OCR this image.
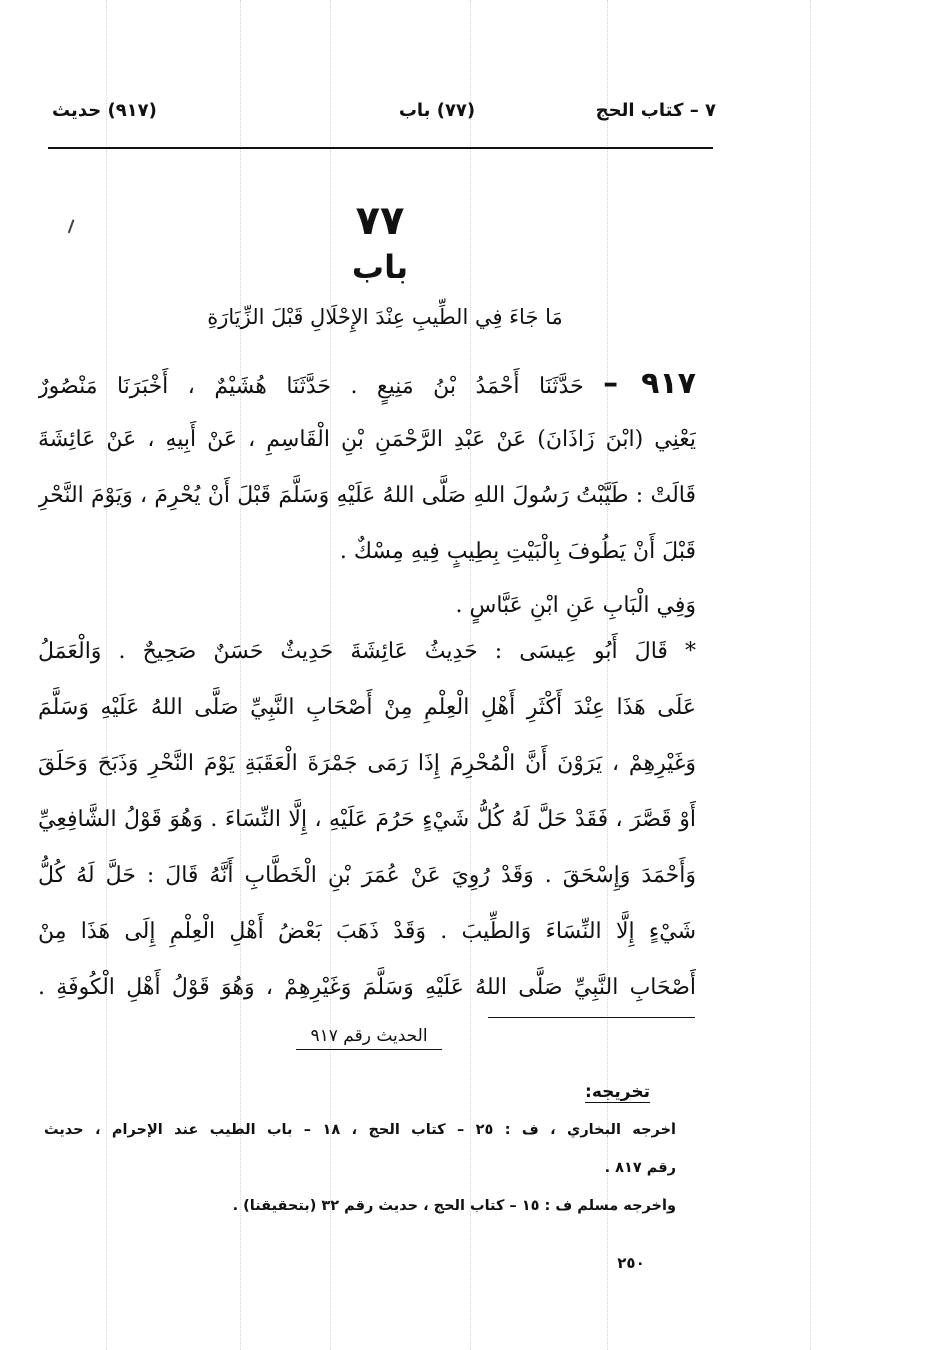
(٩١٧) حديث	(٧٧) باب	٧ – كتاب الحج
٧٧
باب
مَا جَاءَ فِي الطِّيبِ عِنْدَ الإِحْلَالِ قَبْلَ الزِّيَارَةِ
٩١٧ – حَدَّثَنَا أَحْمَدُ بْنُ مَنِيعٍ . حَدَّثَنَا هُشَيْمٌ ، أَخْبَرَنَا مَنْصُورٌ
يَعْنِي (ابْنَ زَاذَانَ) عَنْ عَبْدِ الرَّحْمَنِ بْنِ الْقَاسِمِ ، عَنْ أَبِيهِ ، عَنْ عَائِشَةَ
قَالَتْ : طَيَّبْتُ رَسُولَ اللهِ صَلَّى اللهُ عَلَيْهِ وَسَلَّمَ قَبْلَ أَنْ يُحْرِمَ ، وَيَوْمَ النَّحْرِ
قَبْلَ أَنْ يَطُوفَ بِالْبَيْتِ بِطِيبٍ فِيهِ مِسْكٌ .
وَفِي الْبَابِ عَنِ ابْنِ عَبَّاسٍ .
* قَالَ أَبُو عِيسَى : حَدِيثُ عَائِشَةَ حَدِيثٌ حَسَنٌ صَحِيحٌ . وَالْعَمَلُ
عَلَى هَذَا عِنْدَ أَكْثَرِ أَهْلِ الْعِلْمِ مِنْ أَصْحَابِ النَّبِيِّ صَلَّى اللهُ عَلَيْهِ وَسَلَّمَ
وَغَيْرِهِمْ ، يَرَوْنَ أَنَّ الْمُحْرِمَ إِذَا رَمَى جَمْرَةَ الْعَقَبَةِ يَوْمَ النَّحْرِ وَذَبَحَ وَحَلَقَ
أَوْ قَصَّرَ ، فَقَدْ حَلَّ لَهُ كُلُّ شَيْءٍ حَرُمَ عَلَيْهِ ، إِلَّا النِّسَاءَ . وَهُوَ قَوْلُ الشَّافِعِيِّ
وَأَحْمَدَ وَإِسْحَقَ . وَقَدْ رُوِيَ عَنْ عُمَرَ بْنِ الْخَطَّابِ أَنَّهُ قَالَ : حَلَّ لَهُ كُلُّ
شَيْءٍ إِلَّا النِّسَاءَ وَالطِّيبَ . وَقَدْ ذَهَبَ بَعْضُ أَهْلِ الْعِلْمِ إِلَى هَذَا مِنْ
أَصْحَابِ النَّبِيِّ صَلَّى اللهُ عَلَيْهِ وَسَلَّمَ وَغَيْرِهِمْ ، وَهُوَ قَوْلُ أَهْلِ الْكُوفَةِ .
الحديث رقم ٩١٧
تخريجه:
أخرجه البخاري ، ف : ٢٥ – كتاب الحج ، ١٨ – باب الطيب عند الإحرام ، حديث
رقم ٨١٧ .
وأخرجه مسلم ف : ١٥ – كتاب الحج ، حديث رقم ٣٢ (بتحقيقنا) .
٢٥٠
